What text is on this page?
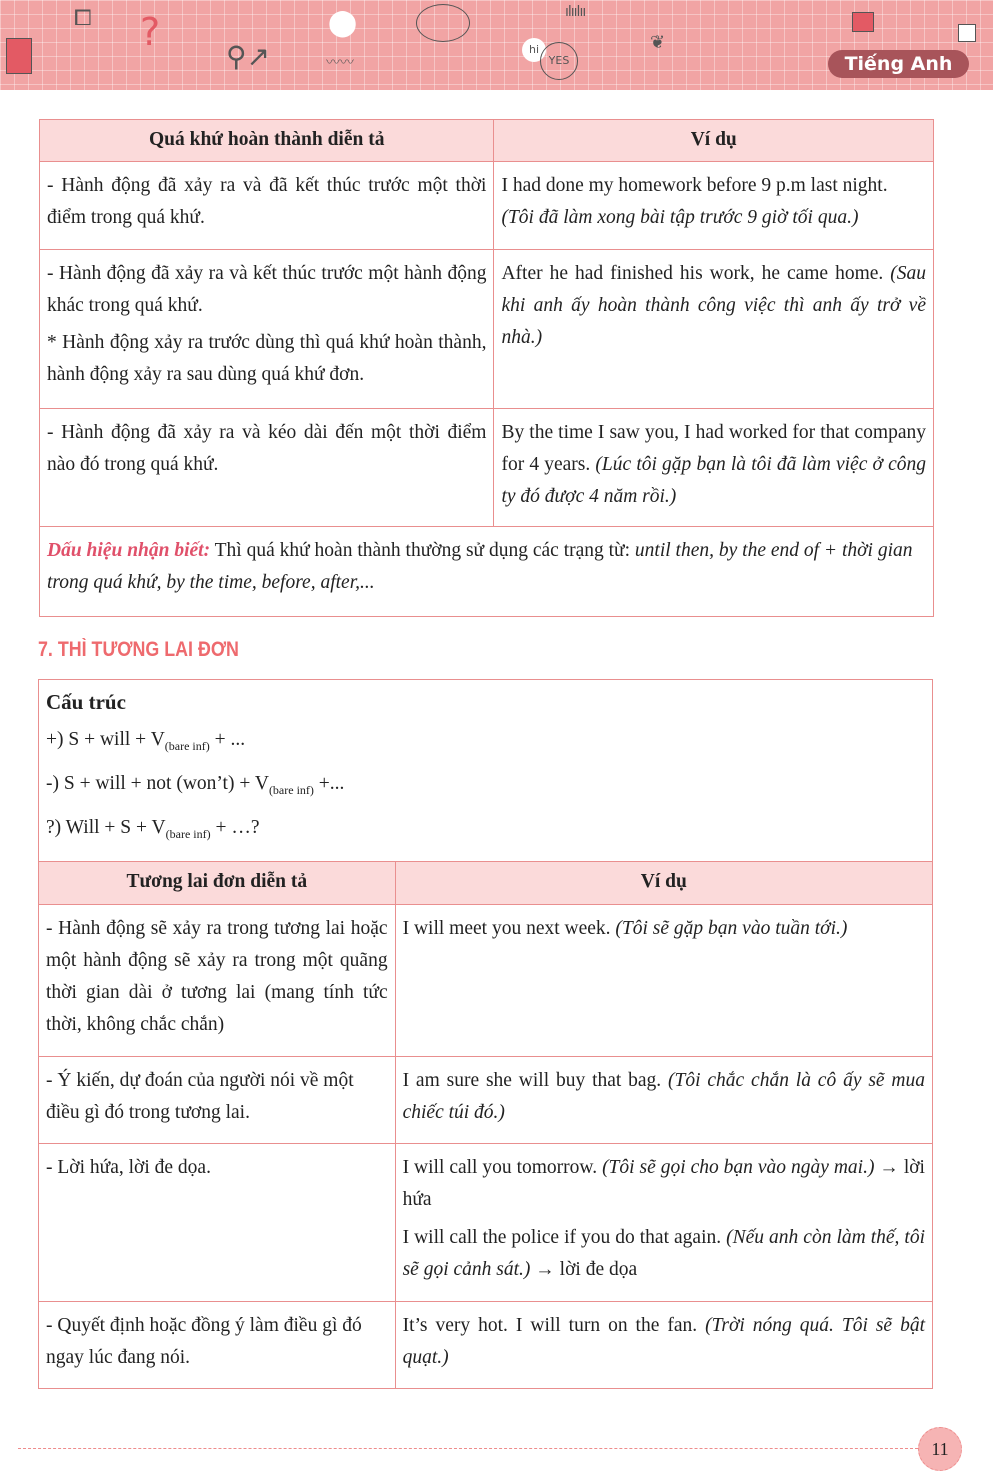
⧠ ?
⚲↗
⬤
〰〰
ılıılıı
hi
YES
❦
Tiếng Anh
Quá khứ hoàn thành diễn tả	Ví dụ
- Hành động đã xảy ra và đã kết thúc trước một thời điểm trong quá khứ.	I had done my homework before 9 p.m last night.
(Tôi đã làm xong bài tập trước 9 giờ tối qua.)

- Hành động đã xảy ra và kết thúc trước một hành động khác trong quá khứ.
* Hành động xảy ra trước dùng thì quá khứ hoàn thành, hành động xảy ra sau dùng quá khứ đơn.	After he had finished his work, he came home. (Sau khi anh ấy hoàn thành công việc thì anh ấy trở về nhà.)
- Hành động đã xảy ra và kéo dài đến một thời điểm nào đó trong quá khứ.	By the time I saw you, I had worked for that company for 4 years. (Lúc tôi gặp bạn là tôi đã làm việc ở công ty đó được 4 năm rồi.)
Dấu hiệu nhận biết: Thì quá khứ hoàn thành thường sử dụng các trạng từ: until then, by the end of + thời gian trong quá khứ, by the time, before, after,...	
7. THÌ TƯƠNG LAI ĐƠN
Cấu trúc
+) S + will + $V_{(bare inf)}$ + ...
-) S + will + not (won’t) + $V_{(bare inf)}$ +...
?) Will + $S + V_{(bare inf)}$ + …?	

Tương lai đơn diễn tả	Ví dụ
- Hành động sẽ xảy ra trong tương lai hoặc một hành động sẽ xảy ra trong một quãng thời gian dài ở tương lai (mang tính tức thời, không chắc chắn)	I will meet you next week. (Tôi sẽ gặp bạn vào tuần tới.)
- Ý kiến, dự đoán của người nói về một điều gì đó trong tương lai.	I am sure she will buy that bag. (Tôi chắc chắn là cô ấy sẽ mua chiếc túi đó.)
- Lời hứa, lời đe dọa.	I will call you tomorrow. (Tôi sẽ gọi cho bạn vào ngày mai.) → lời hứa
I will call the police if you do that again. (Nếu anh còn làm thế, tôi sẽ gọi cảnh sát.) → lời đe dọa

- Quyết định hoặc đồng ý làm điều gì đó ngay lúc đang nói.	It’s very hot. I will turn on the fan. (Trời nóng quá. Tôi sẽ bật quạt.)
11
